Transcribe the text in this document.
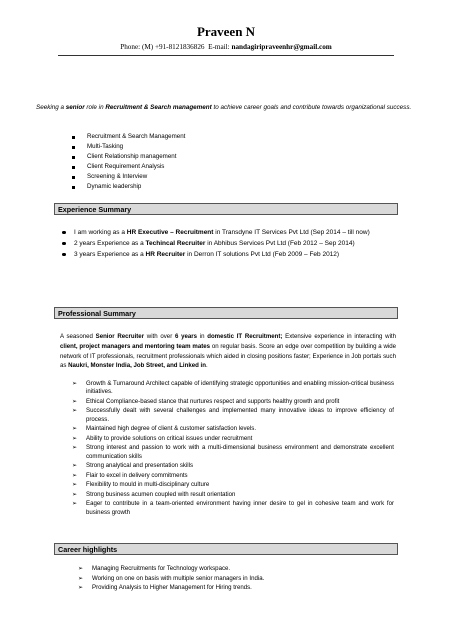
Praveen N
Phone: (M) +91-8121836826 E-mail: nandagiripraveenhr@gmail.com
Seeking a senior role in Recruitment & Search management to achieve career goals and contribute towards organizational success.
Recruitment & Search Management
Multi-Tasking
Client Relationship management
Client Requirement Analysis
Screening & Interview
Dynamic leadership
Experience Summary
I am working as a HR Executive – Recruitment in Transdyne IT Services Pvt Ltd (Sep 2014 – till now)
2 years Experience as a Techincal Recruiter in Abhibus Services Pvt Ltd (Feb 2012 – Sep 2014)
3 years Experience as a HR Recruiter in Derron IT solutions Pvt Ltd (Feb 2009 – Feb 2012)
Professional Summary
A seasoned Senior Recruiter with over 6 years in domestic IT Recruitment; Extensive experience in interacting with client, project managers and mentoring team mates on regular basis. Score an edge over competition by building a wide network of IT professionals, recruitment professionals which aided in closing positions faster; Experience in Job portals such as Naukri, Monster India, Job Street, and Linked in.
➢ Growth & Turnaround Architect capable of identifying strategic opportunities and enabling mission-critical business initiatives.
➢ Ethical Compliance-based stance that nurtures respect and supports healthy growth and profit
➢ Successfully dealt with several challenges and implemented many innovative ideas to improve efficiency of process.
➢ Maintained high degree of client & customer satisfaction levels.
➢ Ability to provide solutions on critical issues under recruitment
➢ Strong interest and passion to work with a multi-dimensional business environment and demonstrate excellent communication skills
➢ Strong analytical and presentation skills
➢ Flair to excel in delivery commitments
➢ Flexibility to mould in multi-disciplinary culture
➢ Strong business acumen coupled with result orientation
➢ Eager to contribute in a team-oriented environment having inner desire to gel in cohesive team and work for business growth
Career highlights
➢ Managing Recruitments for Technology workspace.
➢ Working on one on basis with multiple senior managers in India.
➢ Providing Analysis to Higher Management for Hiring trends.
